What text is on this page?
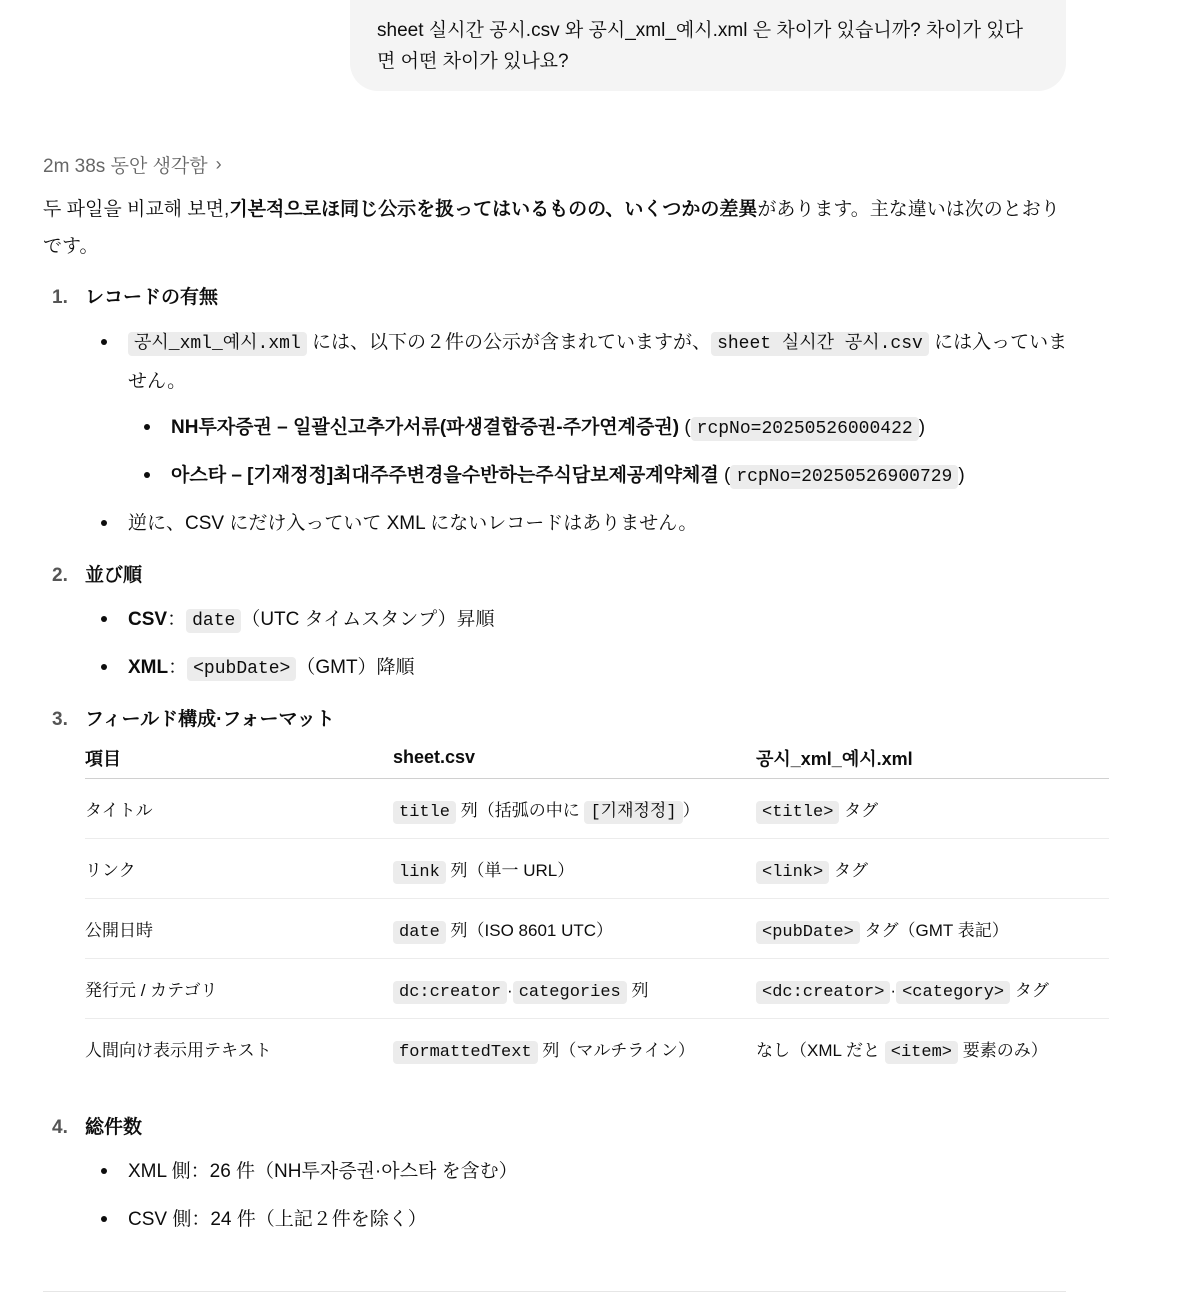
sheet 실시간 공시.csv 와 공시_xml_예시.xml 은 차이가 있습니까? 차이가 있다면 어떤 차이가 있나요?
2m 38s 동안 생각함 ›

두 파일을 비교해 보면,기본적으로ほ同じ公示を扱ってはいるものの、いくつかの差異があります。主な違いは次のとおりです。

1. レコードの有無
공시_xml_예시.xml には、以下の２件の公示が含まれていますが、 sheet 실시간 공시.csv には入っていません。
NH투자증권 – 일괄신고추가서류(파생결합증권-주가연계증권) ( rcpNo=20250526000422 )
아스타 – [기재정정]최대주주변경을수반하는주식담보제공계약체결 ( rcpNo=20250526900729 )
逆に、CSV にだけ入っていて XML にないレコードはありません。
2. 並び順
CSV： date （UTC タイムスタンプ）昇順
XML： <pubDate> （GMT）降順
3. フィールド構成·フォーマット
項目	sheet.csv	공시_xml_예시.xml
タイトル	title 列（括弧の中に [기재정정] ）	<title> タグ
リンク	link 列（単一 URL）	<link> タグ
公開日時	date 列（ISO 8601 UTC）	<pubDate> タグ（GMT 表記）
発行元 / カテゴリ	dc:creator · categories 列	<dc:creator> · <category> タグ
人間向け表示用テキスト	formattedText 列（マルチライン）	なし（XML だと <item> 要素のみ）
4. 総件数
XML 側：26 件（NH투자증권·아스타 を含む）
CSV 側：24 件（上記２件を除く）
